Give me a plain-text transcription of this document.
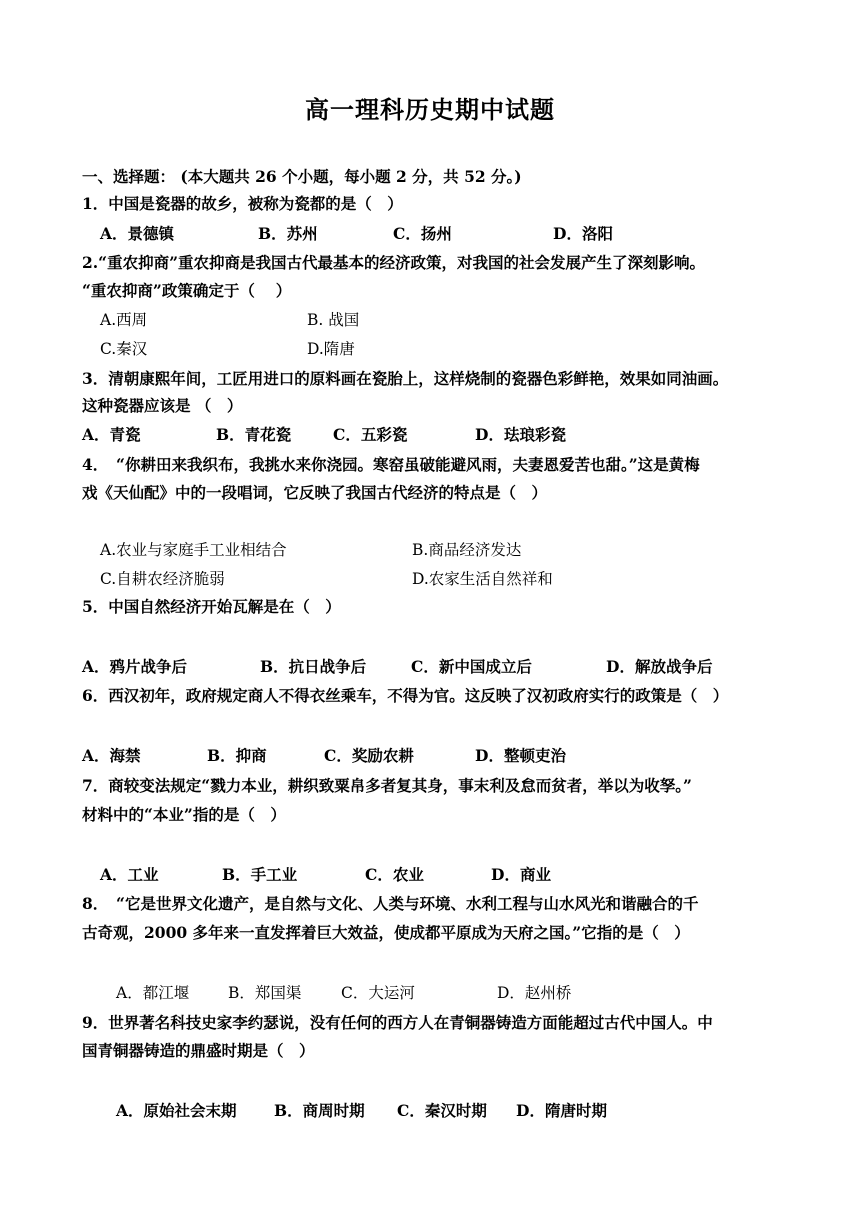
高一理科历史期中试题
一、选择题： (本大题共 26 个小题，每小题 2 分，共 52 分。)
1．中国是瓷器的故乡，被称为瓷都的是（　）
A．景德镇	B．苏州	C．扬州	D．洛阳
2.“重农抑商”重农抑商是我国古代最基本的经济政策，对我国的社会发展产生了深刻影响。
“重农抑商”政策确定于（　 ）
A.西周	B. 战国
C.秦汉	D.隋唐
3．清朝康熙年间，工匠用进口的原料画在瓷胎上，这样烧制的瓷器色彩鲜艳，效果如同油画。
这种瓷器应该是 （　）
A．青瓷	B．青花瓷	C．五彩瓷	D．珐琅彩瓷
4．　“你耕田来我织布，我挑水来你浇园。寒窑虽破能避风雨，夫妻恩爱苦也甜。”这是黄梅
戏《天仙配》中的一段唱词，它反映了我国古代经济的特点是（　）
A.农业与家庭手工业相结合	B.商品经济发达
C.自耕农经济脆弱	D.农家生活自然祥和
5．中国自然经济开始瓦解是在（　）
A．鸦片战争后	B．抗日战争后	C．新中国成立后	D．解放战争后
6．西汉初年，政府规定商人不得衣丝乘车，不得为官。这反映了汉初政府实行的政策是（　）
A．海禁	B．抑商	C．奖励农耕	D．整顿吏治
7．商较变法规定“戮力本业，耕织致粟帛多者复其身，事末利及怠而贫者，举以为收孥。”
材料中的“本业”指的是（　）
A．工业	B．手工业	C．农业	D．商业
8．　“它是世界文化遗产，是自然与文化、人类与环境、水利工程与山水风光和谐融合的千
古奇观，2000 多年来一直发挥着巨大效益，使成都平原成为天府之国。”它指的是（　）
A．都江堰	B．郑国渠	C．大运河	D．赵州桥
9．世界著名科技史家李约瑟说，没有任何的西方人在青铜器铸造方面能超过古代中国人。中
国青铜器铸造的鼎盛时期是（　）
A．原始社会末期 B．商周时期 C．秦汉时期 D．隋唐时期
